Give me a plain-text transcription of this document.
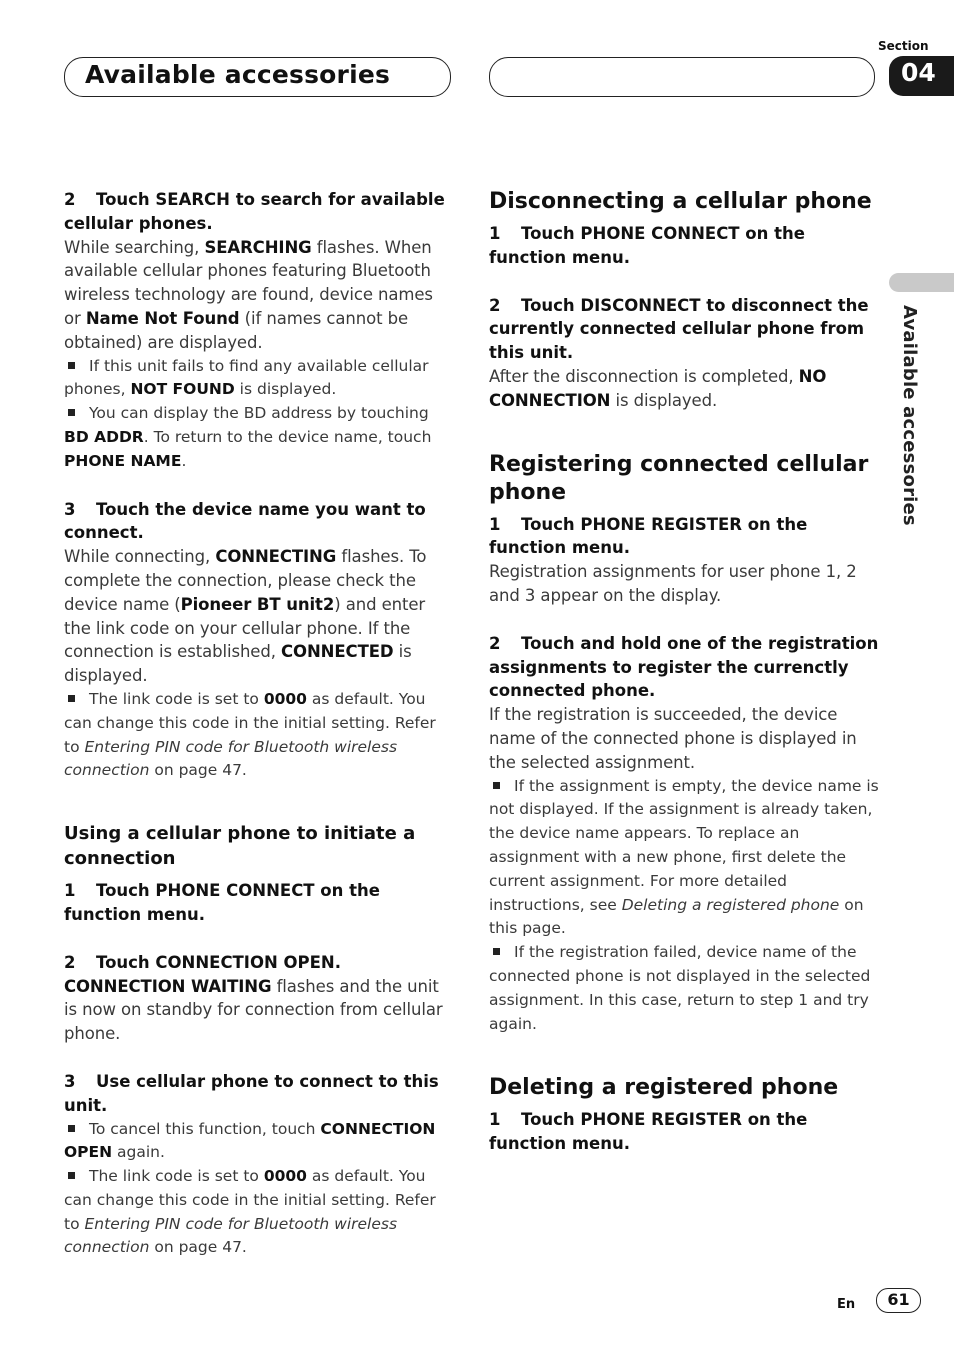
Available accessories
Section
04
Available accessories
2 Touch SEARCH to search for available cellular phones.
While searching, SEARCHING flashes. When available cellular phones featuring Bluetooth wireless technology are found, device names or Name Not Found (if names cannot be obtained) are displayed.
If this unit fails to find any available cellular phones, NOT FOUND is displayed.
You can display the BD address by touching BD ADDR. To return to the device name, touch PHONE NAME.
3 Touch the device name you want to connect.
While connecting, CONNECTING flashes. To complete the connection, please check the device name (Pioneer BT unit2) and enter the link code on your cellular phone. If the connection is established, CONNECTED is displayed.
The link code is set to 0000 as default. You can change this code in the initial setting. Refer to Entering PIN code for Bluetooth wireless connection on page 47.
Using a cellular phone to initiate a connection
1 Touch PHONE CONNECT on the function menu.
2 Touch CONNECTION OPEN.
CONNECTION WAITING flashes and the unit is now on standby for connection from cellular phone.
3 Use cellular phone to connect to this unit.
To cancel this function, touch CONNECTION OPEN again.
The link code is set to 0000 as default. You can change this code in the initial setting. Refer to Entering PIN code for Bluetooth wireless connection on page 47.
Disconnecting a cellular phone
1 Touch PHONE CONNECT on the function menu.
2 Touch DISCONNECT to disconnect the currently connected cellular phone from this unit.
After the disconnection is completed, NO CONNECTION is displayed.
Registering connected cellular phone
1 Touch PHONE REGISTER on the function menu.
Registration assignments for user phone 1, 2 and 3 appear on the display.
2 Touch and hold one of the registration assignments to register the currenctly connected phone.
If the registration is succeeded, the device name of the connected phone is displayed in the selected assignment.
If the assignment is empty, the device name is not displayed. If the assignment is already taken, the device name appears. To replace an assignment with a new phone, first delete the current assignment. For more detailed instructions, see Deleting a registered phone on this page.
If the registration failed, device name of the connected phone is not displayed in the selected assignment. In this case, return to step 1 and try again.
Deleting a registered phone
1 Touch PHONE REGISTER on the function menu.
En	61
